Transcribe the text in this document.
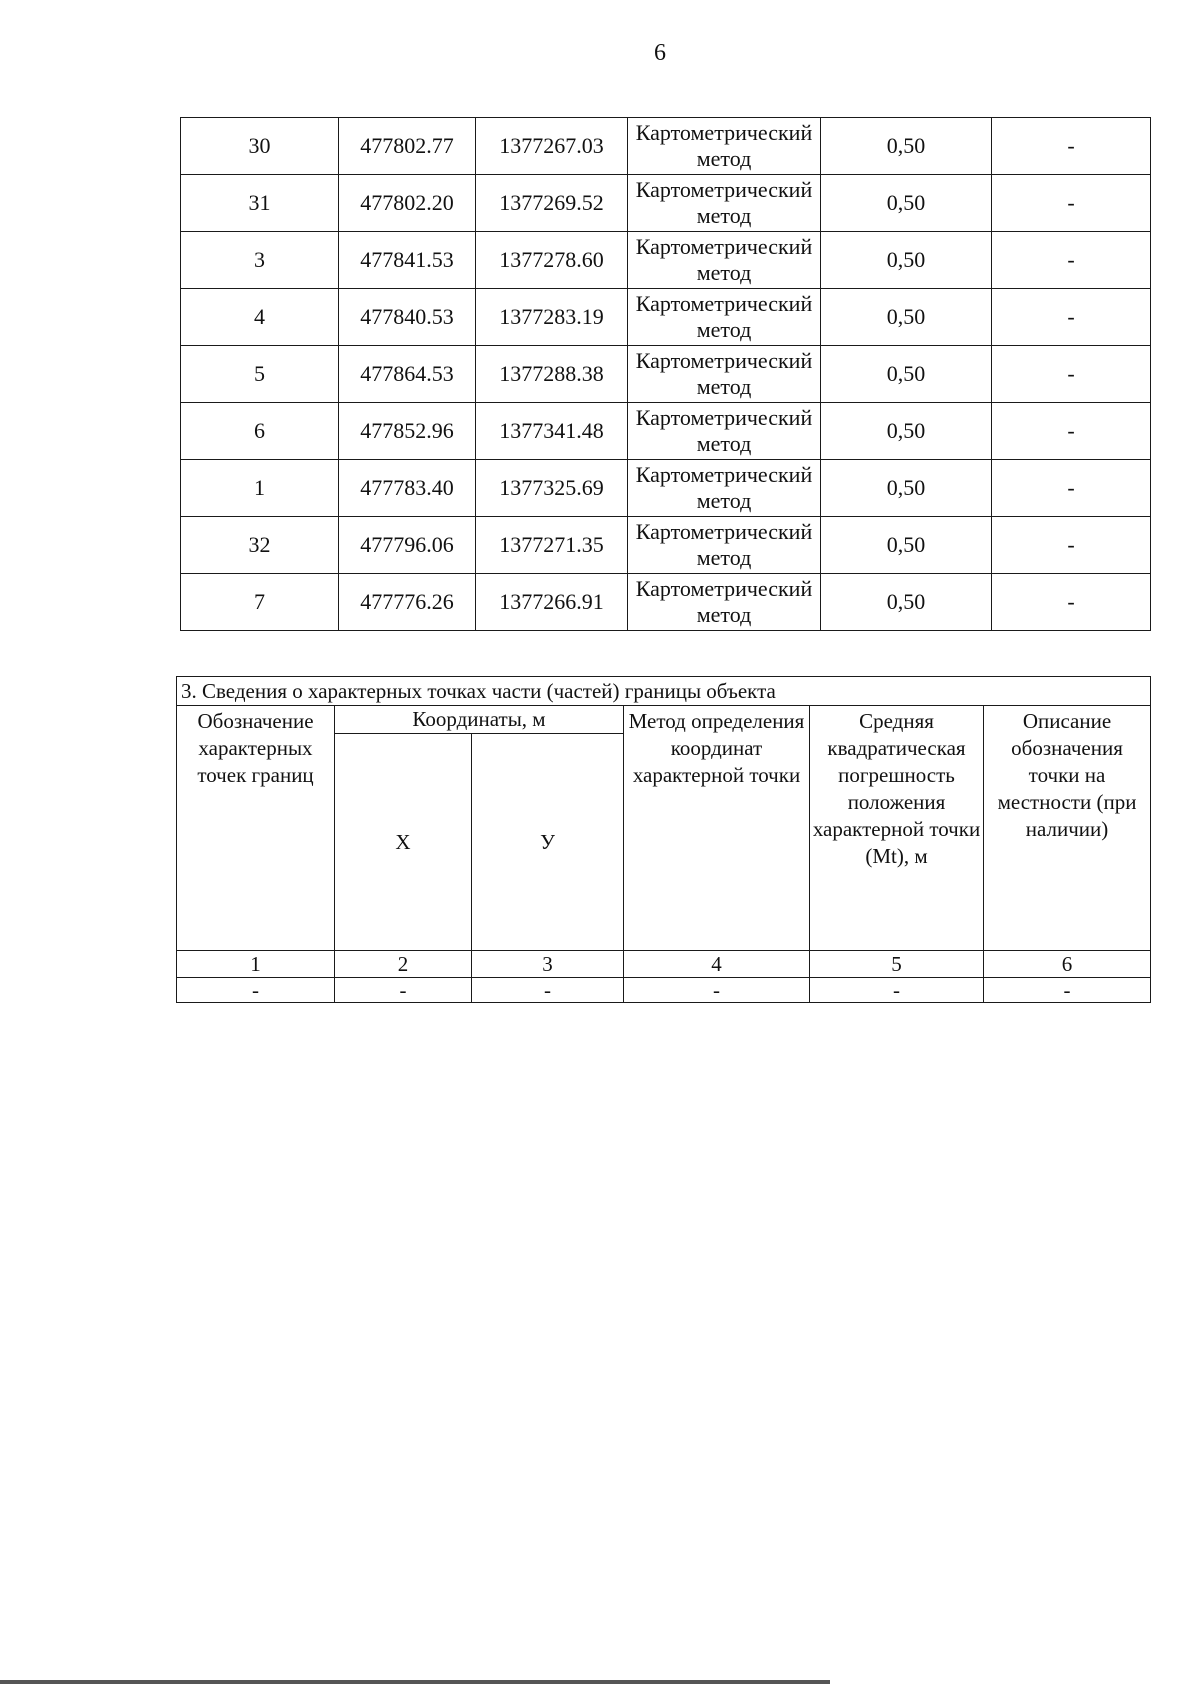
6
30	477802.77	1377267.03	Картометрический метод	0,50	-
31	477802.20	1377269.52	Картометрический метод	0,50	-
3	477841.53	1377278.60	Картометрический метод	0,50	-
4	477840.53	1377283.19	Картометрический метод	0,50	-
5	477864.53	1377288.38	Картометрический метод	0,50	-
6	477852.96	1377341.48	Картометрический метод	0,50	-
1	477783.40	1377325.69	Картометрический метод	0,50	-
32	477796.06	1377271.35	Картометрический метод	0,50	-
7	477776.26	1377266.91	Картометрический метод	0,50	-
3. Сведения о характерных точках части (частей) границы объекта					
Обозначение характерных точек границ	Координаты, м		Метод определения координат характерной точки	Средняя квадратическая погрешность положения характерной точки (Mt), м	Описание обозначения точки на местности (при наличии)
	X	У			
1	2	3	4	5	6
-	-	-	-	-	-
